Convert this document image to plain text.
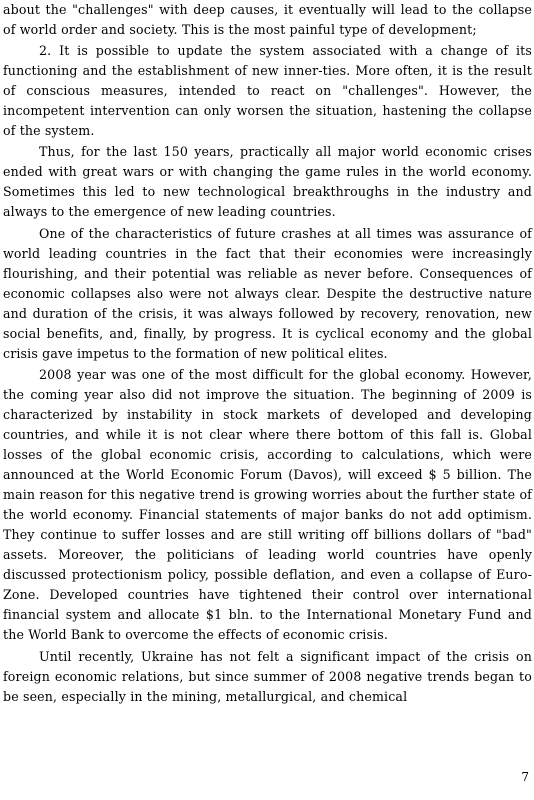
about the "challenges" with deep causes, it eventually will lead to the collapse of world order and society. This is the most painful type of development;

2. It is possible to update the system associated with a change of its functioning and the establishment of new inner-ties. More often, it is the result of conscious measures, intended to react on "challenges". However, the incompetent intervention can only worsen the situation, hastening the collapse of the system.

Thus, for the last 150 years, practically all major world economic crises ended with great wars or with changing the game rules in the world economy. Sometimes this led to new technological breakthroughs in the industry and always to the emergence of new leading countries.

One of the characteristics of future crashes at all times was assurance of world leading countries in the fact that their economies were increasingly flourishing, and their potential was reliable as never before. Consequences of economic collapses also were not always clear. Despite the destructive nature and duration of the crisis, it was always followed by recovery, renovation, new social benefits, and, finally, by progress. It is cyclical economy and the global crisis gave impetus to the formation of new political elites.

2008 year was one of the most difficult for the global economy. However, the coming year also did not improve the situation. The beginning of 2009 is characterized by instability in stock markets of developed and developing countries, and while it is not clear where there bottom of this fall is. Global losses of the global economic crisis, according to calculations, which were announced at the World Economic Forum (Davos), will exceed $ 5 billion. The main reason for this negative trend is growing worries about the further state of the world economy. Financial statements of major banks do not add optimism. They continue to suffer losses and are still writing off billions dollars of "bad" assets. Moreover, the politicians of leading world countries have openly discussed protectionism policy, possible deflation, and even a collapse of Euro-Zone. Developed countries have tightened their control over international financial system and allocate $1 bln. to the International Monetary Fund and the World Bank to overcome the effects of economic crisis.

Until recently, Ukraine has not felt a significant impact of the crisis on foreign economic relations, but since summer of 2008 negative trends began to be seen, especially in the mining, metallurgical, and chemical

7
